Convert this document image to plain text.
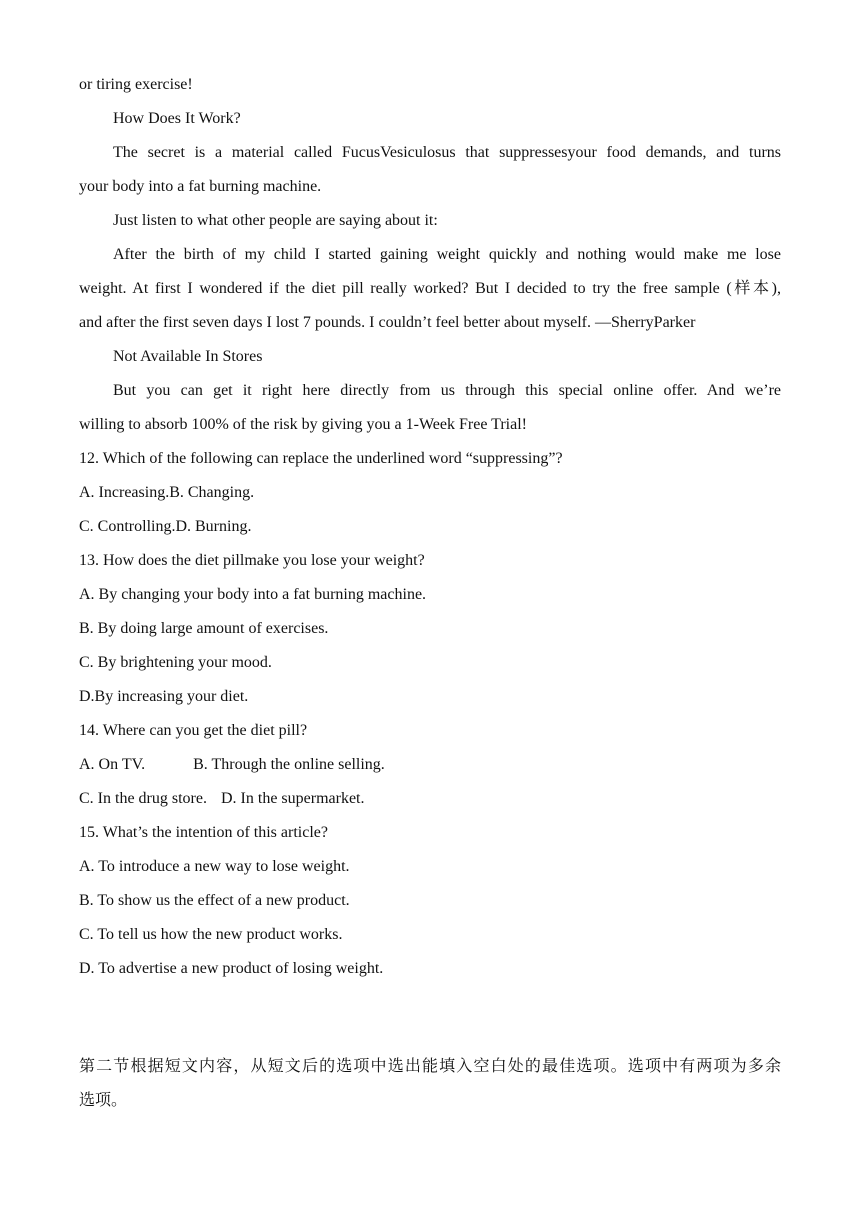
or tiring exercise!
How Does It Work?
The secret is a material called FucusVesiculosus that suppressesyour food demands, and turns
your body into a fat burning machine.
Just listen to what other people are saying about it:
After the birth of my child I started gaining weight quickly and nothing would make me lose
weight. At first I wondered if the diet pill really worked? But I decided to try the free sample (样本),
and after the first seven days I lost 7 pounds. I couldn’t feel better about myself. —SherryParker
Not Available In Stores
But you can get it right here directly from us through this special online offer. And we’re
willing to absorb 100% of the risk by giving you a 1-Week Free Trial!
12. Which of the following can replace the underlined word “suppressing”?
A. Increasing.B. Changing.
C. Controlling.D. Burning.
13. How does the diet pillmake you lose your weight?
A. By changing your body into a fat burning machine.
B. By doing large amount of exercises.
C. By brightening your mood.
D.By increasing your diet.
14. Where can you get the diet pill?
A. On TV.	B. Through the online selling.
C. In the drug store. D. In the supermarket.
15. What’s the intention of this article?
A. To introduce a new way to lose weight.
B. To show us the effect of a new product.
C. To tell us how the new product works.
D. To advertise a new product of losing weight.
第二节根据短文内容，从短文后的选项中选出能填入空白处的最佳选项。选项中有两项为多余
选项。
